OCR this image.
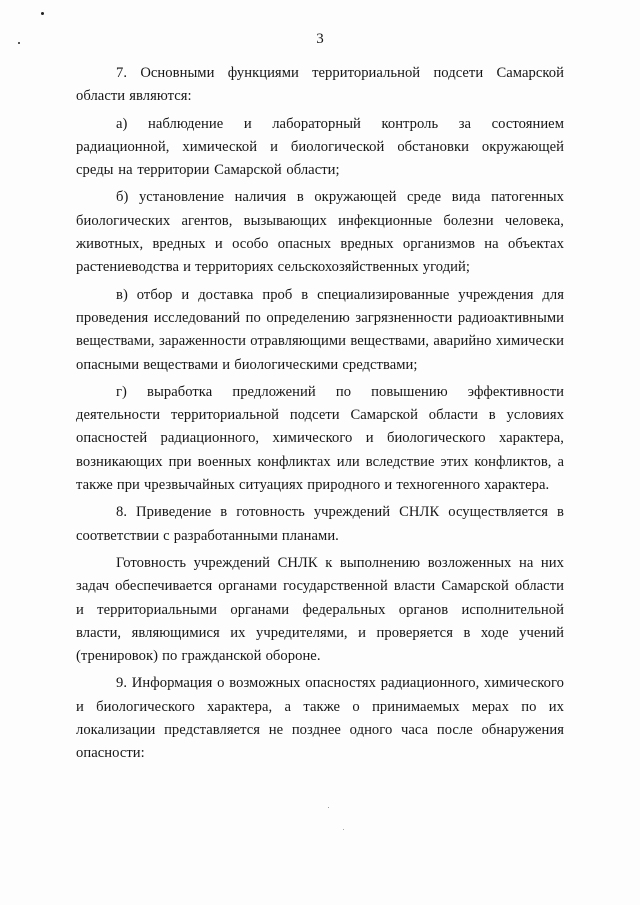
3

7. Основными функциями территориальной подсети Самарской области являются:

а) наблюдение и лабораторный контроль за состоянием радиационной, химической и биологической обстановки окружающей среды на территории Самарской области;

б) установление наличия в окружающей среде вида патогенных биологических агентов, вызывающих инфекционные болезни человека, животных, вредных и особо опасных вредных организмов на объектах растениеводства и территориях сельскохозяйственных угодий;

в) отбор и доставка проб в специализированные учреждения для проведения исследований по определению загрязненности радиоактивными веществами, зараженности отравляющими веществами, аварийно химически опасными веществами и биологическими средствами;

г) выработка предложений по повышению эффективности деятельности территориальной подсети Самарской области в условиях опасностей радиационного, химического и биологического характера, возникающих при военных конфликтах или вследствие этих конфликтов, а также при чрезвычайных ситуациях природного и техногенного характера.

8. Приведение в готовность учреждений СНЛК осуществляется в соответствии с разработанными планами.

Готовность учреждений СНЛК к выполнению возложенных на них задач обеспечивается органами государственной власти Самарской области и территориальными органами федеральных органов исполнительной власти, являющимися их учредителями, и проверяется в ходе учений (тренировок) по гражданской обороне.

9. Информация о возможных опасностях радиационного, химического и биологического характера, а также о принимаемых мерах по их локализации представляется не позднее одного часа после обнаружения опасности:
